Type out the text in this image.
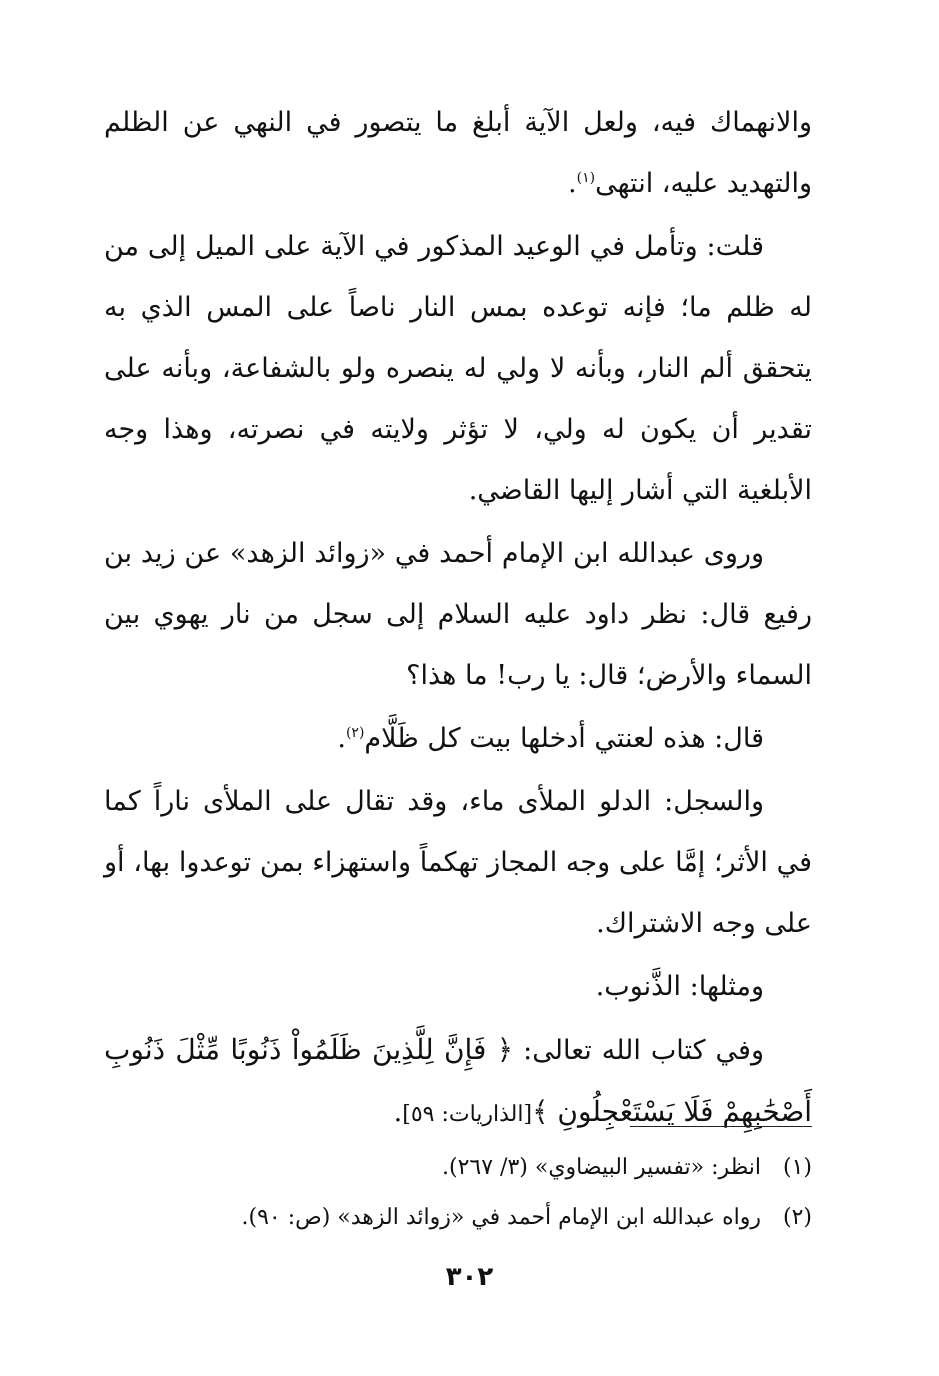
والانهماك فيه، ولعل الآية أبلغ ما يتصور في النهي عن الظلم والتهديد عليه، انتهى$^{(١)}$.

قلت: وتأمل في الوعيد المذكور في الآية على الميل إلى من له ظلم ما؛ فإنه توعده بمس النار ناصاً على المس الذي به يتحقق ألم النار، وبأنه لا ولي له ينصره ولو بالشفاعة، وبأنه على تقدير أن يكون له ولي، لا تؤثر ولايته في نصرته، وهذا وجه الأبلغية التي أشار إليها القاضي.

وروى عبدالله ابن الإمام أحمد في «زوائد الزهد» عن زيد بن رفيع قال: نظر داود عليه السلام إلى سجل من نار يهوي بين السماء والأرض؛ قال: يا رب! ما هذا؟

قال: هذه لعنتي أدخلها بيت كل ظَلَّام$^{(٢)}$.

والسجل: الدلو الملأى ماء، وقد تقال على الملأى ناراً كما في الأثر؛ إمَّا على وجه المجاز تهكماً واستهزاء بمن توعدوا بها، أو على وجه الاشتراك.

ومثلها: الذَّنوب.

وفي كتاب الله تعالى: ﴿ فَإِنَّ لِلَّذِينَ ظَلَمُواْ ذَنُوبًا مِّثْلَ ذَنُوبِ أَصْحَٰبِهِمْ فَلَا يَسْتَعْجِلُونِ ﴾[الذاريات: ٥٩].

(١)انظر: «تفسير البيضاوي» (٣/ ٢٦٧).
(٢)رواه عبدالله ابن الإمام أحمد في «زوائد الزهد» (ص: ٩٠).
٣٠٢
